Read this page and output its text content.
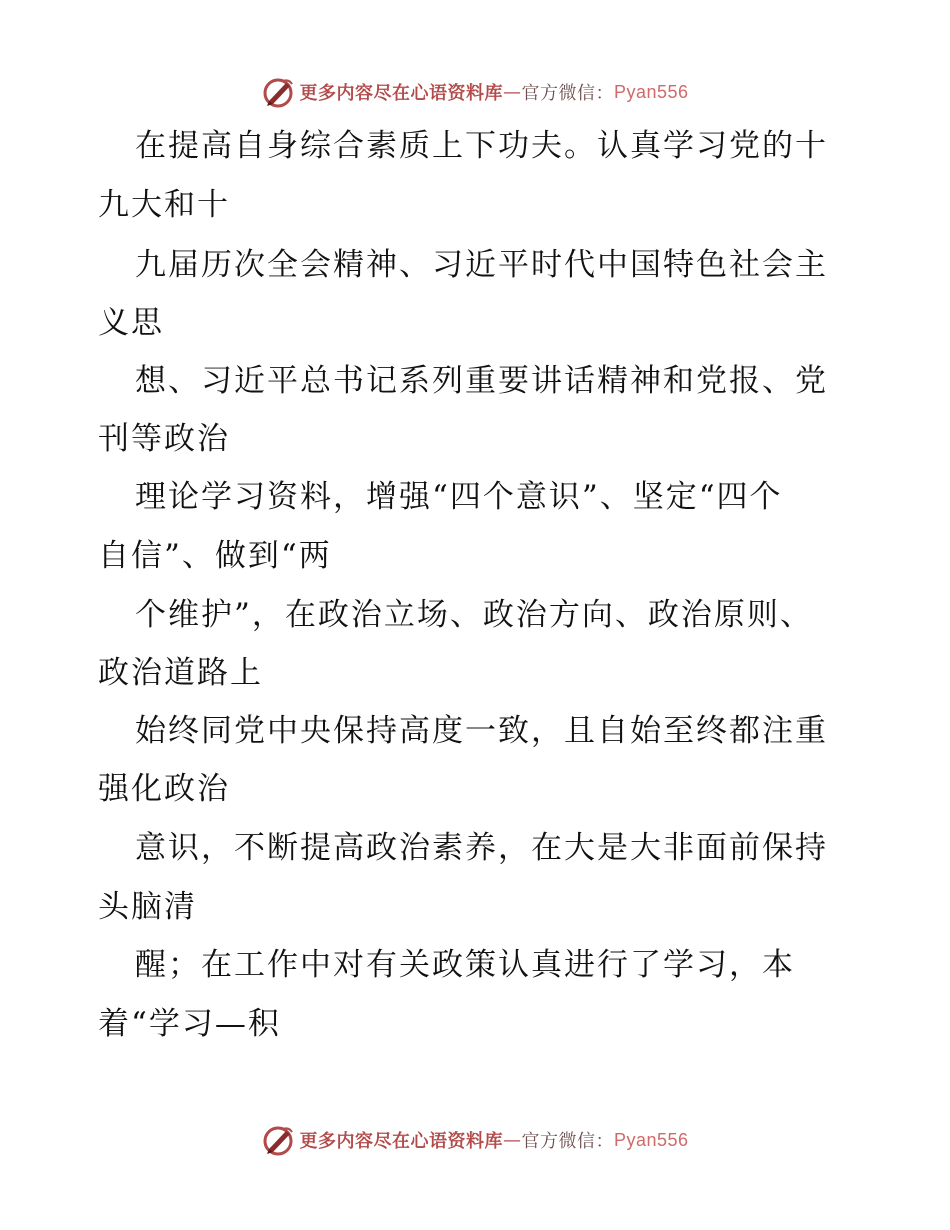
更多内容尽在心语资料库 — 官方微信： Pyan556
在提高自身综合素质上下功夫。认真学习党的十
九大和十
九届历次全会精神、习近平时代中国特色社会主
义思
想、习近平总书记系列重要讲话精神和党报、党
刊等政治
理论学习资料，增强“四个意识”、坚定“四个
自信”、做到“两
个维护”，在政治立场、政治方向、政治原则、
政治道路上
始终同党中央保持高度一致，且自始至终都注重
强化政治
意识，不断提高政治素养，在大是大非面前保持
头脑清
醒；在工作中对有关政策认真进行了学习，本
着“学习—积
更多内容尽在心语资料库 — 官方微信： Pyan556
